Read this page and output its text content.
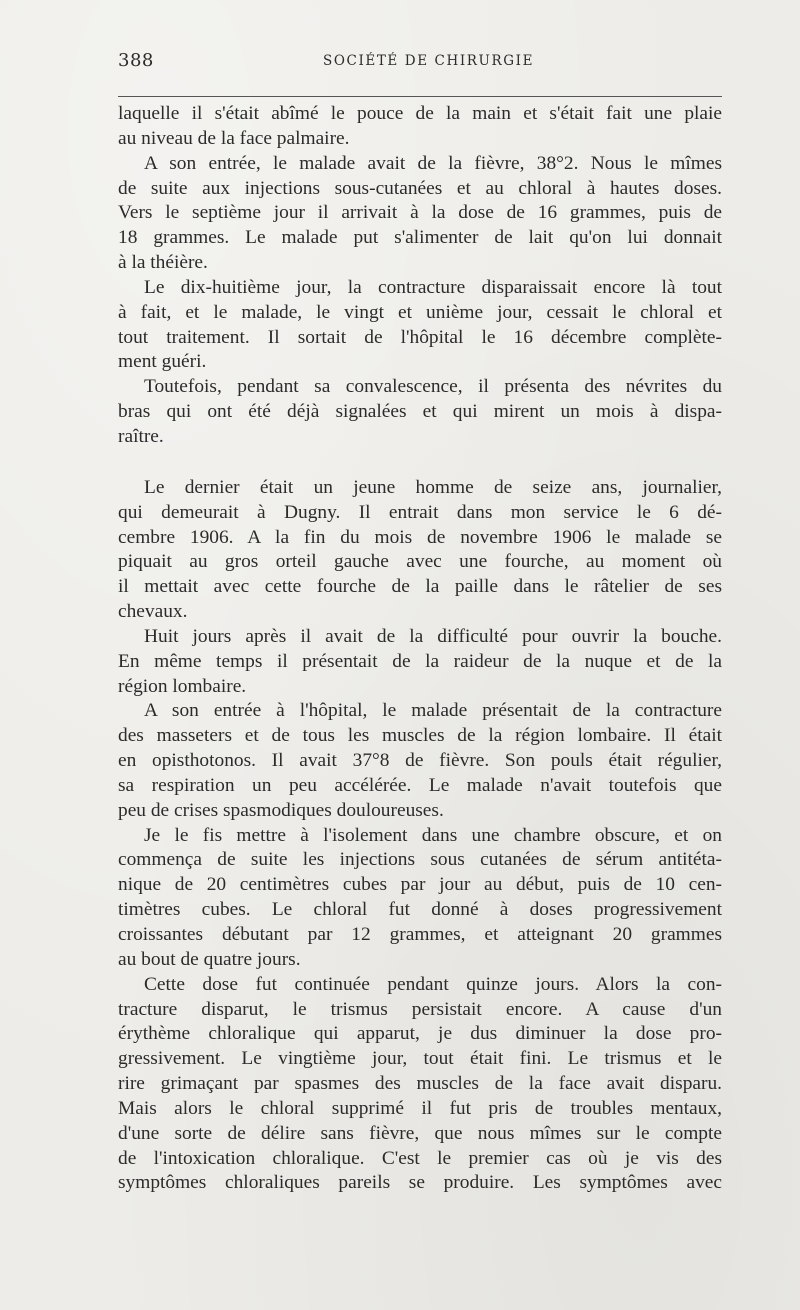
388	SOCIÉTÉ DE CHIRURGIE
laquelle il s'était abîmé le pouce de la main et s'était fait une plaie
au niveau de la face palmaire.
A son entrée, le malade avait de la fièvre, 38°2. Nous le mîmes
de suite aux injections sous-cutanées et au chloral à hautes doses.
Vers le septième jour il arrivait à la dose de 16 grammes, puis de
18 grammes. Le malade put s'alimenter de lait qu'on lui donnait
à la théière.
Le dix-huitième jour, la contracture disparaissait encore là tout
à fait, et le malade, le vingt et unième jour, cessait le chloral et
tout traitement. Il sortait de l'hôpital le 16 décembre complète-
ment guéri.
Toutefois, pendant sa convalescence, il présenta des névrites du
bras qui ont été déjà signalées et qui mirent un mois à dispa-
raître.
Le dernier était un jeune homme de seize ans, journalier,
qui demeurait à Dugny. Il entrait dans mon service le 6 dé-
cembre 1906. A la fin du mois de novembre 1906 le malade se
piquait au gros orteil gauche avec une fourche, au moment où
il mettait avec cette fourche de la paille dans le râtelier de ses
chevaux.
Huit jours après il avait de la difficulté pour ouvrir la bouche.
En même temps il présentait de la raideur de la nuque et de la
région lombaire.
A son entrée à l'hôpital, le malade présentait de la contracture
des masseters et de tous les muscles de la région lombaire. Il était
en opisthotonos. Il avait 37°8 de fièvre. Son pouls était régulier,
sa respiration un peu accélérée. Le malade n'avait toutefois que
peu de crises spasmodiques douloureuses.
Je le fis mettre à l'isolement dans une chambre obscure, et on
commença de suite les injections sous cutanées de sérum antitéta-
nique de 20 centimètres cubes par jour au début, puis de 10 cen-
timètres cubes. Le chloral fut donné à doses progressivement
croissantes débutant par 12 grammes, et atteignant 20 grammes
au bout de quatre jours.
Cette dose fut continuée pendant quinze jours. Alors la con-
tracture disparut, le trismus persistait encore. A cause d'un
érythème chloralique qui apparut, je dus diminuer la dose pro-
gressivement. Le vingtième jour, tout était fini. Le trismus et le
rire grimaçant par spasmes des muscles de la face avait disparu.
Mais alors le chloral supprimé il fut pris de troubles mentaux,
d'une sorte de délire sans fièvre, que nous mîmes sur le compte
de l'intoxication chloralique. C'est le premier cas où je vis des
symptômes chloraliques pareils se produire. Les symptômes avec
